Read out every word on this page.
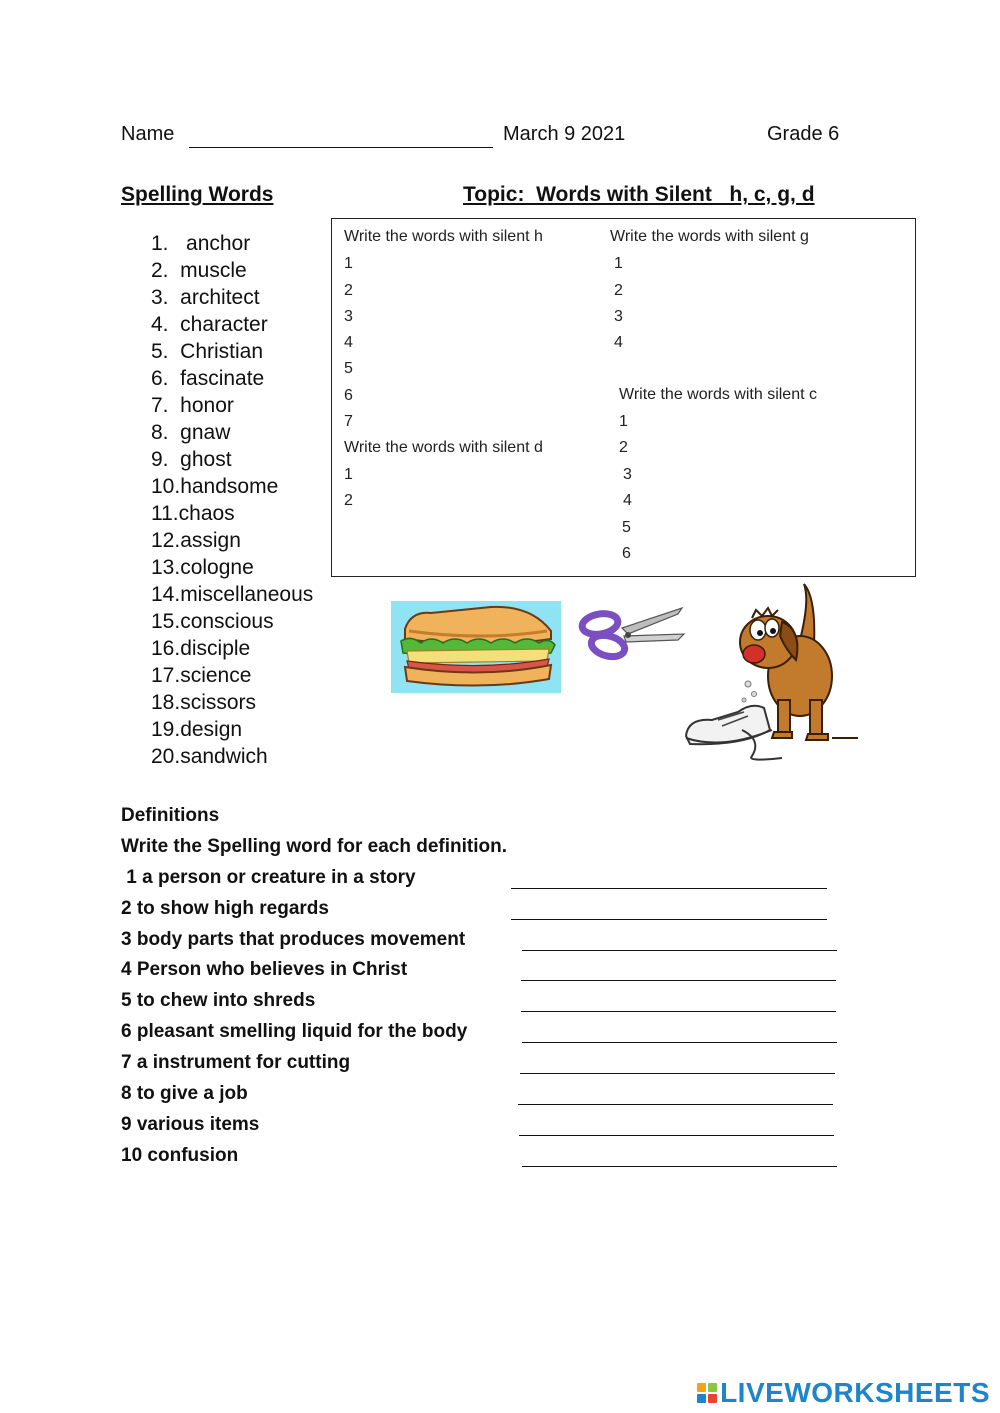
Name	March 9 2021	Grade 6
Spelling Words	Topic:  Words with Silent   h, c, g, d
1.   anchor
2.  muscle
3.  architect
4.  character
5.  Christian
6.  fascinate
7.  honor
8.  gnaw
9.  ghost
10.handsome
11.chaos
12.assign
13.cologne
14.miscellaneous
15.conscious
16.disciple
17.science
18.scissors
19.design
20.sandwich
Write the words with silent h
1
2
3
4
5
6
7
Write the words with silent d
1
2
Write the words with silent g
1
2
3
4
Write the words with silent c
1
2
3
4
5
6
Definitions
Write the Spelling word for each definition.
1 a person or creature in a story
2 to show high regards
3 body parts that produces movement
4 Person who believes in Christ
5 to chew into shreds
6 pleasant smelling liquid for the body
7 a instrument for cutting
8 to give a job
9 various items
10 confusion
LIVEWORKSHEETS
